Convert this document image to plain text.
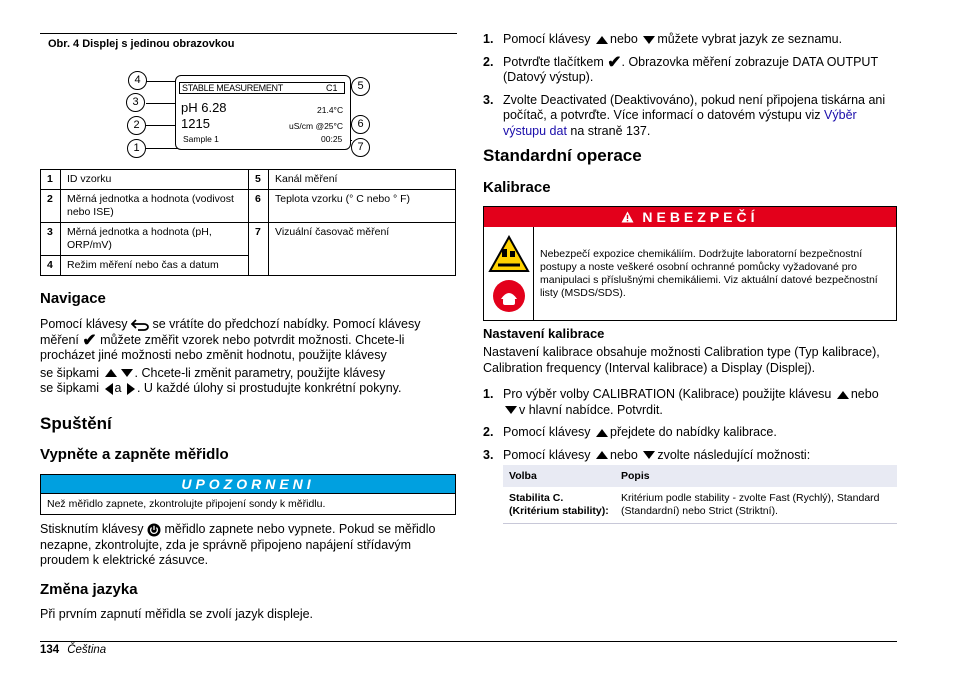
Obr. 4 Displej s jedinou obrazovkou
STABLE MEASUREMENT	C1
pH 6.28	21.4°C
1215	uS/cm @25°C
Sample 1	00:25
4
3
2
1
5
6
7
1	ID vzorku	5	Kanál měření
2	Měrná jednotka a hodnota (vodivost nebo ISE)	6	Teplota vzorku (° C nebo ° F)
3	Měrná jednotka a hodnota (pH, ORP/mV)	7	Vizuální časovač měření
4	Režim měření nebo čas a datum		
Navigace
Pomocí klávesy se vrátíte do předchozí nabídky. Pomocí klávesy
měření ✔ můžete změřit vzorek nebo potvrdit možnosti. Chcete-li
procházet jiné možnosti nebo změnit hodnotu, použijte klávesy
se šipkami	. Chcete-li změnit parametry, použijte klávesy
se šipkami a . U každé úlohy si prostudujte konkrétní pokyny.
Spuštění
Vypněte a zapněte měřidlo
UPOZORNENI
Než měřidlo zapnete, zkontrolujte připojení sondy k měřidlu.
Stisknutím klávesy měřidlo zapnete nebo vypnete. Pokud se měřidlo
nezapne, zkontrolujte, zda je správně připojeno napájení střídavým
proudem k elektrické zásuvce.
Změna jazyka
Při prvním zapnutí měřidla se zvolí jazyk displeje.
1. Pomocí klávesy nebo můžete vybrat jazyk ze seznamu.
2. Potvrďte tlačítkem ✔. Obrazovka měření zobrazuje DATA OUTPUT
(Datový výstup).
3. Zvolte Deactivated (Deaktivováno), pokud není připojena tiskárna ani
počítač, a potvrďte. Více informací o datovém výstupu viz Výběr
výstupu dat na straně 137.
Standardní operace
Kalibrace
NEBEZPEČÍ
Nebezpečí expozice chemikáliím. Dodržujte laboratorní bezpečnostní postupy a noste veškeré osobní ochranné pomůcky vyžadované pro manipulaci s příslušnými chemikáliemi. Viz aktuální datové bezpečnostní listy (MSDS/SDS).
Nastavení kalibrace
Nastavení kalibrace obsahuje možnosti Calibration type (Typ kalibrace),
Calibration frequency (Interval kalibrace) a Display (Displej).
1. Pro výběr volby CALIBRATION (Kalibrace) použijte klávesu nebo
v hlavní nabídce. Potvrdit.
2. Pomocí klávesy přejdete do nabídky kalibrace.
3. Pomocí klávesy nebo zvolte následující možnosti:
Volba	Popis
Stabilita C. (Kritérium stability):	Kritérium podle stability - zvolte Fast (Rychlý), Standard (Standardní) nebo Strict (Striktní).
134 Čeština
